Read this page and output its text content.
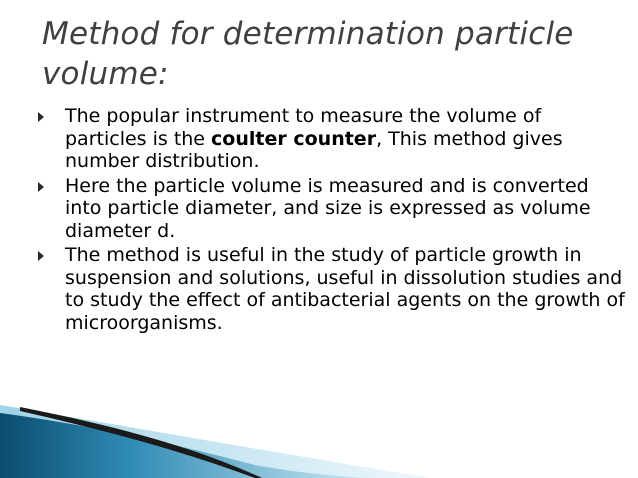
Method for determination particle volume:
The popular instrument to measure the volume of particles is the coulter counter, This method gives number distribution.
Here the particle volume is measured and is converted into particle diameter, and size is expressed as volume diameter d.
The method is useful in the study of particle growth in suspension and solutions, useful in dissolution studies and to study the effect of antibacterial agents on the growth of microorganisms.
